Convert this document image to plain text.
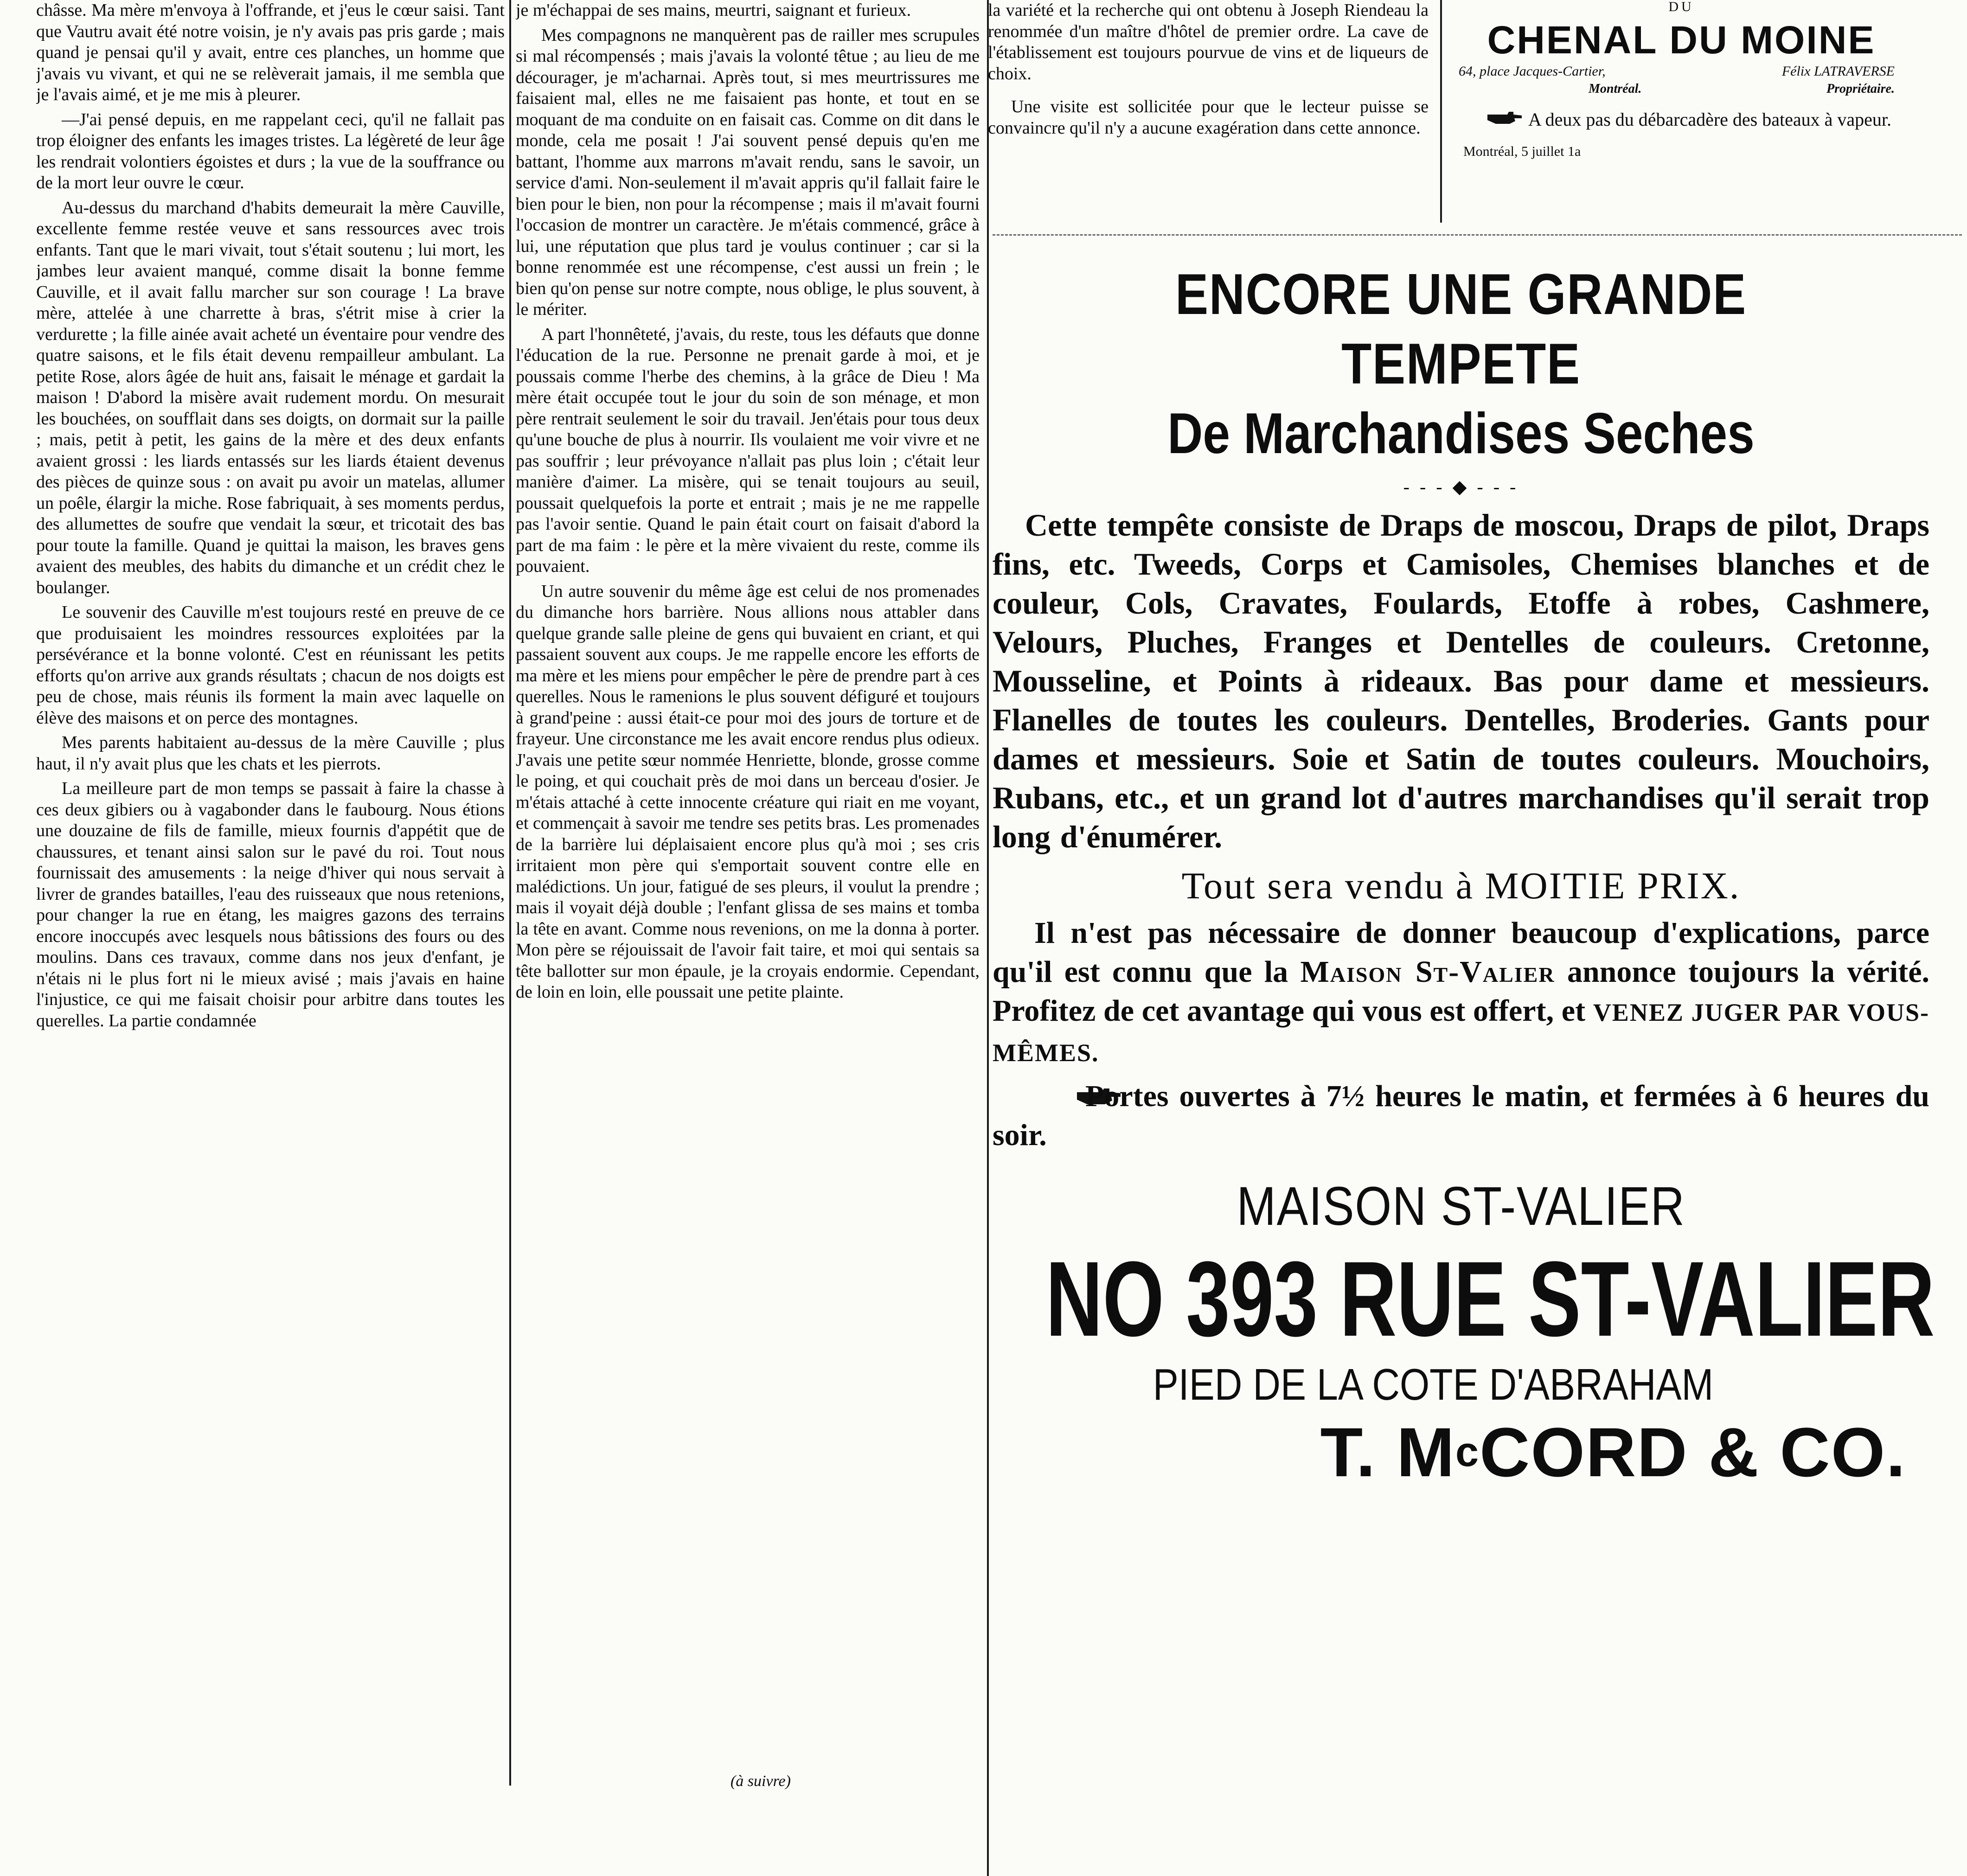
châsse. Ma mère m'envoya à l'offrande, et j'eus le cœur saisi. Tant que Vautru avait été notre voisin, je n'y avais pas pris garde ; mais quand je pensai qu'il y avait, entre ces planches, un homme que j'avais vu vivant, et qui ne se relèverait jamais, il me sembla que je l'avais aimé, et je me mis à pleurer.

—J'ai pensé depuis, en me rappelant ceci, qu'il ne fallait pas trop éloigner des enfants les images tristes. La légèreté de leur âge les rendrait volontiers égoistes et durs ; la vue de la souffrance ou de la mort leur ouvre le cœur.

Au-dessus du marchand d'habits demeurait la mère Cauville, excellente femme restée veuve et sans ressources avec trois enfants. Tant que le mari vivait, tout s'était soutenu ; lui mort, les jambes leur avaient manqué, comme disait la bonne femme Cauville, et il avait fallu marcher sur son courage ! La brave mère, attelée à une charrette à bras, s'étrit mise à crier la verdurette ; la fille ainée avait acheté un éventaire pour vendre des quatre saisons, et le fils était devenu rempailleur ambulant. La petite Rose, alors âgée de huit ans, faisait le ménage et gardait la maison ! D'abord la misère avait rudement mordu. On mesurait les bouchées, on soufflait dans ses doigts, on dormait sur la paille ; mais, petit à petit, les gains de la mère et des deux enfants avaient grossi : les liards entassés sur les liards étaient devenus des pièces de quinze sous : on avait pu avoir un matelas, allumer un poêle, élargir la miche. Rose fabriquait, à ses moments perdus, des allumettes de soufre que vendait la sœur, et tricotait des bas pour toute la famille. Quand je quittai la maison, les braves gens avaient des meubles, des habits du dimanche et un crédit chez le boulanger.

Le souvenir des Cauville m'est toujours resté en preuve de ce que produisaient les moindres ressources exploitées par la persévérance et la bonne volonté. C'est en réunissant les petits efforts qu'on arrive aux grands résultats ; chacun de nos doigts est peu de chose, mais réunis ils forment la main avec laquelle on élève des maisons et on perce des montagnes.

Mes parents habitaient au-dessus de la mère Cauville ; plus haut, il n'y avait plus que les chats et les pierrots.

La meilleure part de mon temps se passait à faire la chasse à ces deux gibiers ou à vagabonder dans le faubourg. Nous étions une douzaine de fils de famille, mieux fournis d'appétit que de chaussures, et tenant ainsi salon sur le pavé du roi. Tout nous fournissait des amusements : la neige d'hiver qui nous servait à livrer de grandes batailles, l'eau des ruisseaux que nous retenions, pour changer la rue en étang, les maigres gazons des terrains encore inoccupés avec lesquels nous bâtissions des fours ou des moulins. Dans ces travaux, comme dans nos jeux d'enfant, je n'étais ni le plus fort ni le mieux avisé ; mais j'avais en haine l'injustice, ce qui me faisait choisir pour arbitre dans toutes les querelles. La partie condamnée

je m'échappai de ses mains, meurtri, saignant et furieux.

Mes compagnons ne manquèrent pas de railler mes scrupules si mal récompensés ; mais j'avais la volonté têtue ; au lieu de me décourager, je m'acharnai. Après tout, si mes meurtrissures me faisaient mal, elles ne me faisaient pas honte, et tout en se moquant de ma conduite on en faisait cas. Comme on dit dans le monde, cela me posait ! J'ai souvent pensé depuis qu'en me battant, l'homme aux marrons m'avait rendu, sans le savoir, un service d'ami. Non-seulement il m'avait appris qu'il fallait faire le bien pour le bien, non pour la récompense ; mais il m'avait fourni l'occasion de montrer un caractère. Je m'étais commencé, grâce à lui, une réputation que plus tard je voulus continuer ; car si la bonne renommée est une récompense, c'est aussi un frein ; le bien qu'on pense sur notre compte, nous oblige, le plus souvent, à le mériter.

A part l'honnêteté, j'avais, du reste, tous les défauts que donne l'éducation de la rue. Personne ne prenait garde à moi, et je poussais comme l'herbe des chemins, à la grâce de Dieu ! Ma mère était occupée tout le jour du soin de son ménage, et mon père rentrait seulement le soir du travail. Jen'étais pour tous deux qu'une bouche de plus à nourrir. Ils voulaient me voir vivre et ne pas souffrir ; leur prévoyance n'allait pas plus loin ; c'était leur manière d'aimer. La misère, qui se tenait toujours au seuil, poussait quelquefois la porte et entrait ; mais je ne me rappelle pas l'avoir sentie. Quand le pain était court on faisait d'abord la part de ma faim : le père et la mère vivaient du reste, comme ils pouvaient.

Un autre souvenir du même âge est celui de nos promenades du dimanche hors barrière. Nous allions nous attabler dans quelque grande salle pleine de gens qui buvaient en criant, et qui passaient souvent aux coups. Je me rappelle encore les efforts de ma mère et les miens pour empêcher le père de prendre part à ces querelles. Nous le ramenions le plus souvent défiguré et toujours à grand'peine : aussi était-ce pour moi des jours de torture et de frayeur. Une circonstance me les avait encore rendus plus odieux. J'avais une petite sœur nommée Henriette, blonde, grosse comme le poing, et qui couchait près de moi dans un berceau d'osier. Je m'étais attaché à cette innocente créature qui riait en me voyant, et commençait à savoir me tendre ses petits bras. Les promenades de la barrière lui déplaisaient encore plus qu'à moi ; ses cris irritaient mon père qui s'emportait souvent contre elle en malédictions. Un jour, fatigué de ses pleurs, il voulut la prendre ; mais il voyait déjà double ; l'enfant glissa de ses mains et tomba la tête en avant. Comme nous revenions, on me la donna à porter. Mon père se réjouissait de l'avoir fait taire, et moi qui sentais sa tête ballotter sur mon épaule, je la croyais endormie. Cependant, de loin en loin, elle poussait une petite plainte.

(à suivre)

la variété et la recherche qui ont obtenu à Joseph Riendeau la renommée d'un maître d'hôtel de premier ordre. La cave de l'établissement est toujours pourvue de vins et de liqueurs de choix.

Une visite est sollicitée pour que le lecteur puisse se convaincre qu'il n'y a aucune exagération dans cette annonce.

DU
CHENAL DU MOINE
64, place Jacques-Cartier,	Félix LATRAVERSE
Montréal.	Propriétaire.
A deux pas du débarcadère des bateaux à vapeur.
Montréal, 5 juillet 1a
ENCORE UNE GRANDE TEMPETE
De Marchandises Seches
- - - ◆ - - -

Cette tempête consiste de Draps de moscou, Draps de pilot, Draps fins, etc. Tweeds, Corps et Camisoles, Chemises blanches et de couleur, Cols, Cravates, Foulards, Etoffe à robes, Cashmere, Velours, Pluches, Franges et Dentelles de couleurs. Cretonne, Mousseline, et Points à rideaux. Bas pour dame et messieurs. Flanelles de toutes les couleurs. Dentelles, Broderies. Gants pour dames et messieurs. Soie et Satin de toutes couleurs. Mouchoirs, Rubans, etc., et un grand lot d'autres marchandises qu'il serait trop long d'énumérer.

Tout sera vendu à MOITIE PRIX.

Il n'est pas nécessaire de donner beaucoup d'explications, parce qu'il est connu que la Maison St-Valier annonce toujours la vérité. Profitez de cet avantage qui vous est offert, et VENEZ JUGER PAR VOUS-MÊMES.

Portes ouvertes à 7½ heures le matin, et fermées à 6 heures du soir.

MAISON ST-VALIER
NO 393 RUE ST-VALIER
PIED DE LA COTE D'ABRAHAM
T. $M^cCORD$ & CO.
